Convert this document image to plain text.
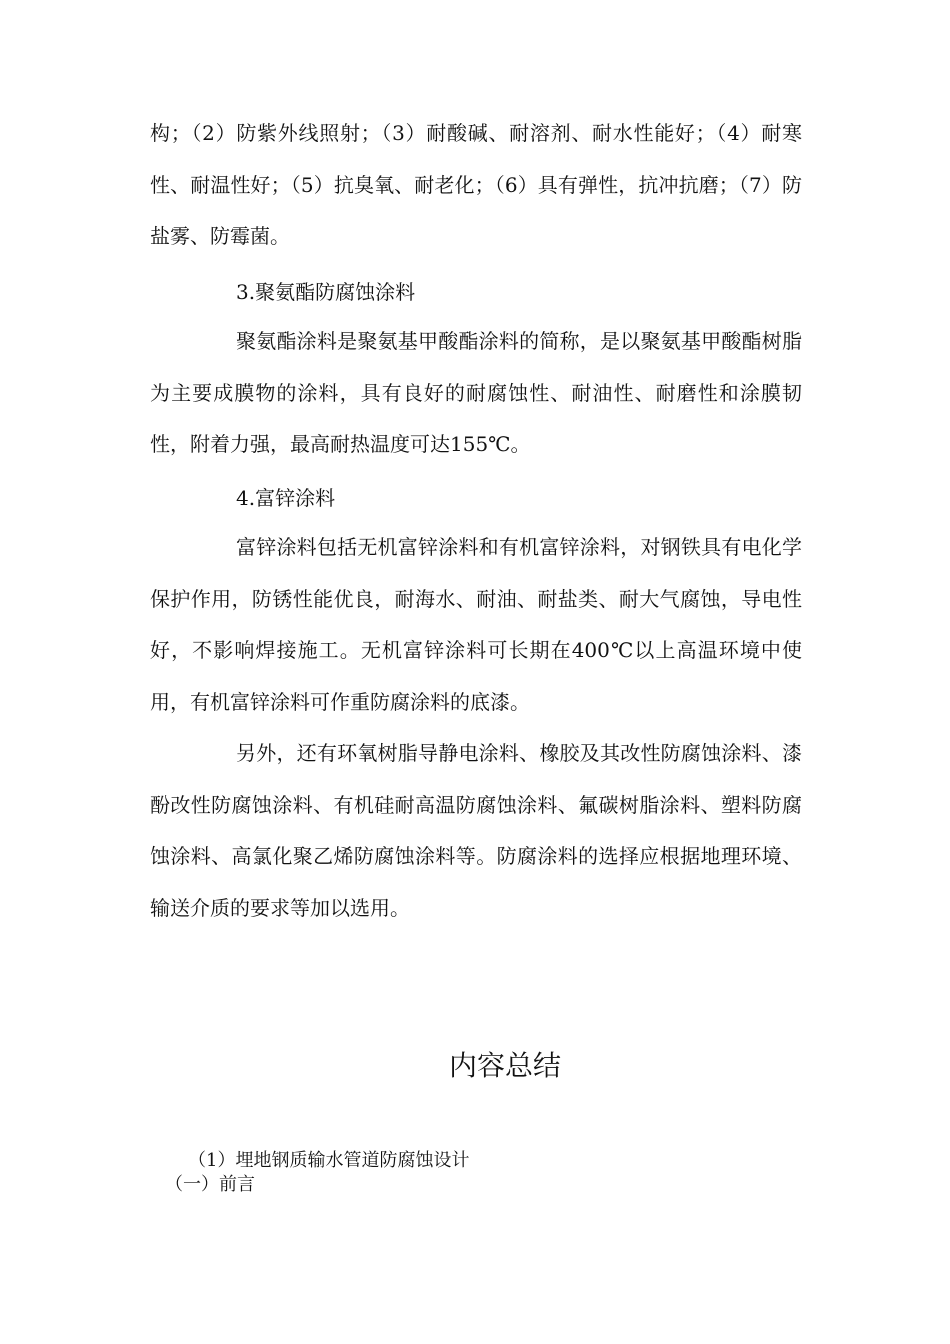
构；（2）防紫外线照射；（3）耐酸碱、耐溶剂、耐水性能好；（4）耐寒性、耐温性好；（5）抗臭氧、耐老化；（6）具有弹性，抗冲抗磨；（7）防盐雾、防霉菌。

3.聚氨酯防腐蚀涂料

聚氨酯涂料是聚氨基甲酸酯涂料的简称，是以聚氨基甲酸酯树脂为主要成膜物的涂料，具有良好的耐腐蚀性、耐油性、耐磨性和涂膜韧性，附着力强，最高耐热温度可达155℃。

4.富锌涂料

富锌涂料包括无机富锌涂料和有机富锌涂料，对钢铁具有电化学保护作用，防锈性能优良，耐海水、耐油、耐盐类、耐大气腐蚀，导电性好，不影响焊接施工。无机富锌涂料可长期在400℃以上高温环境中使用，有机富锌涂料可作重防腐涂料的底漆。

另外，还有环氧树脂导静电涂料、橡胶及其改性防腐蚀涂料、漆酚改性防腐蚀涂料、有机硅耐高温防腐蚀涂料、氟碳树脂涂料、塑料防腐蚀涂料、高氯化聚乙烯防腐蚀涂料等。防腐涂料的选择应根据地理环境、输送介质的要求等加以选用。

内容总结

（1）埋地钢质输水管道防腐蚀设计

（一）前言
